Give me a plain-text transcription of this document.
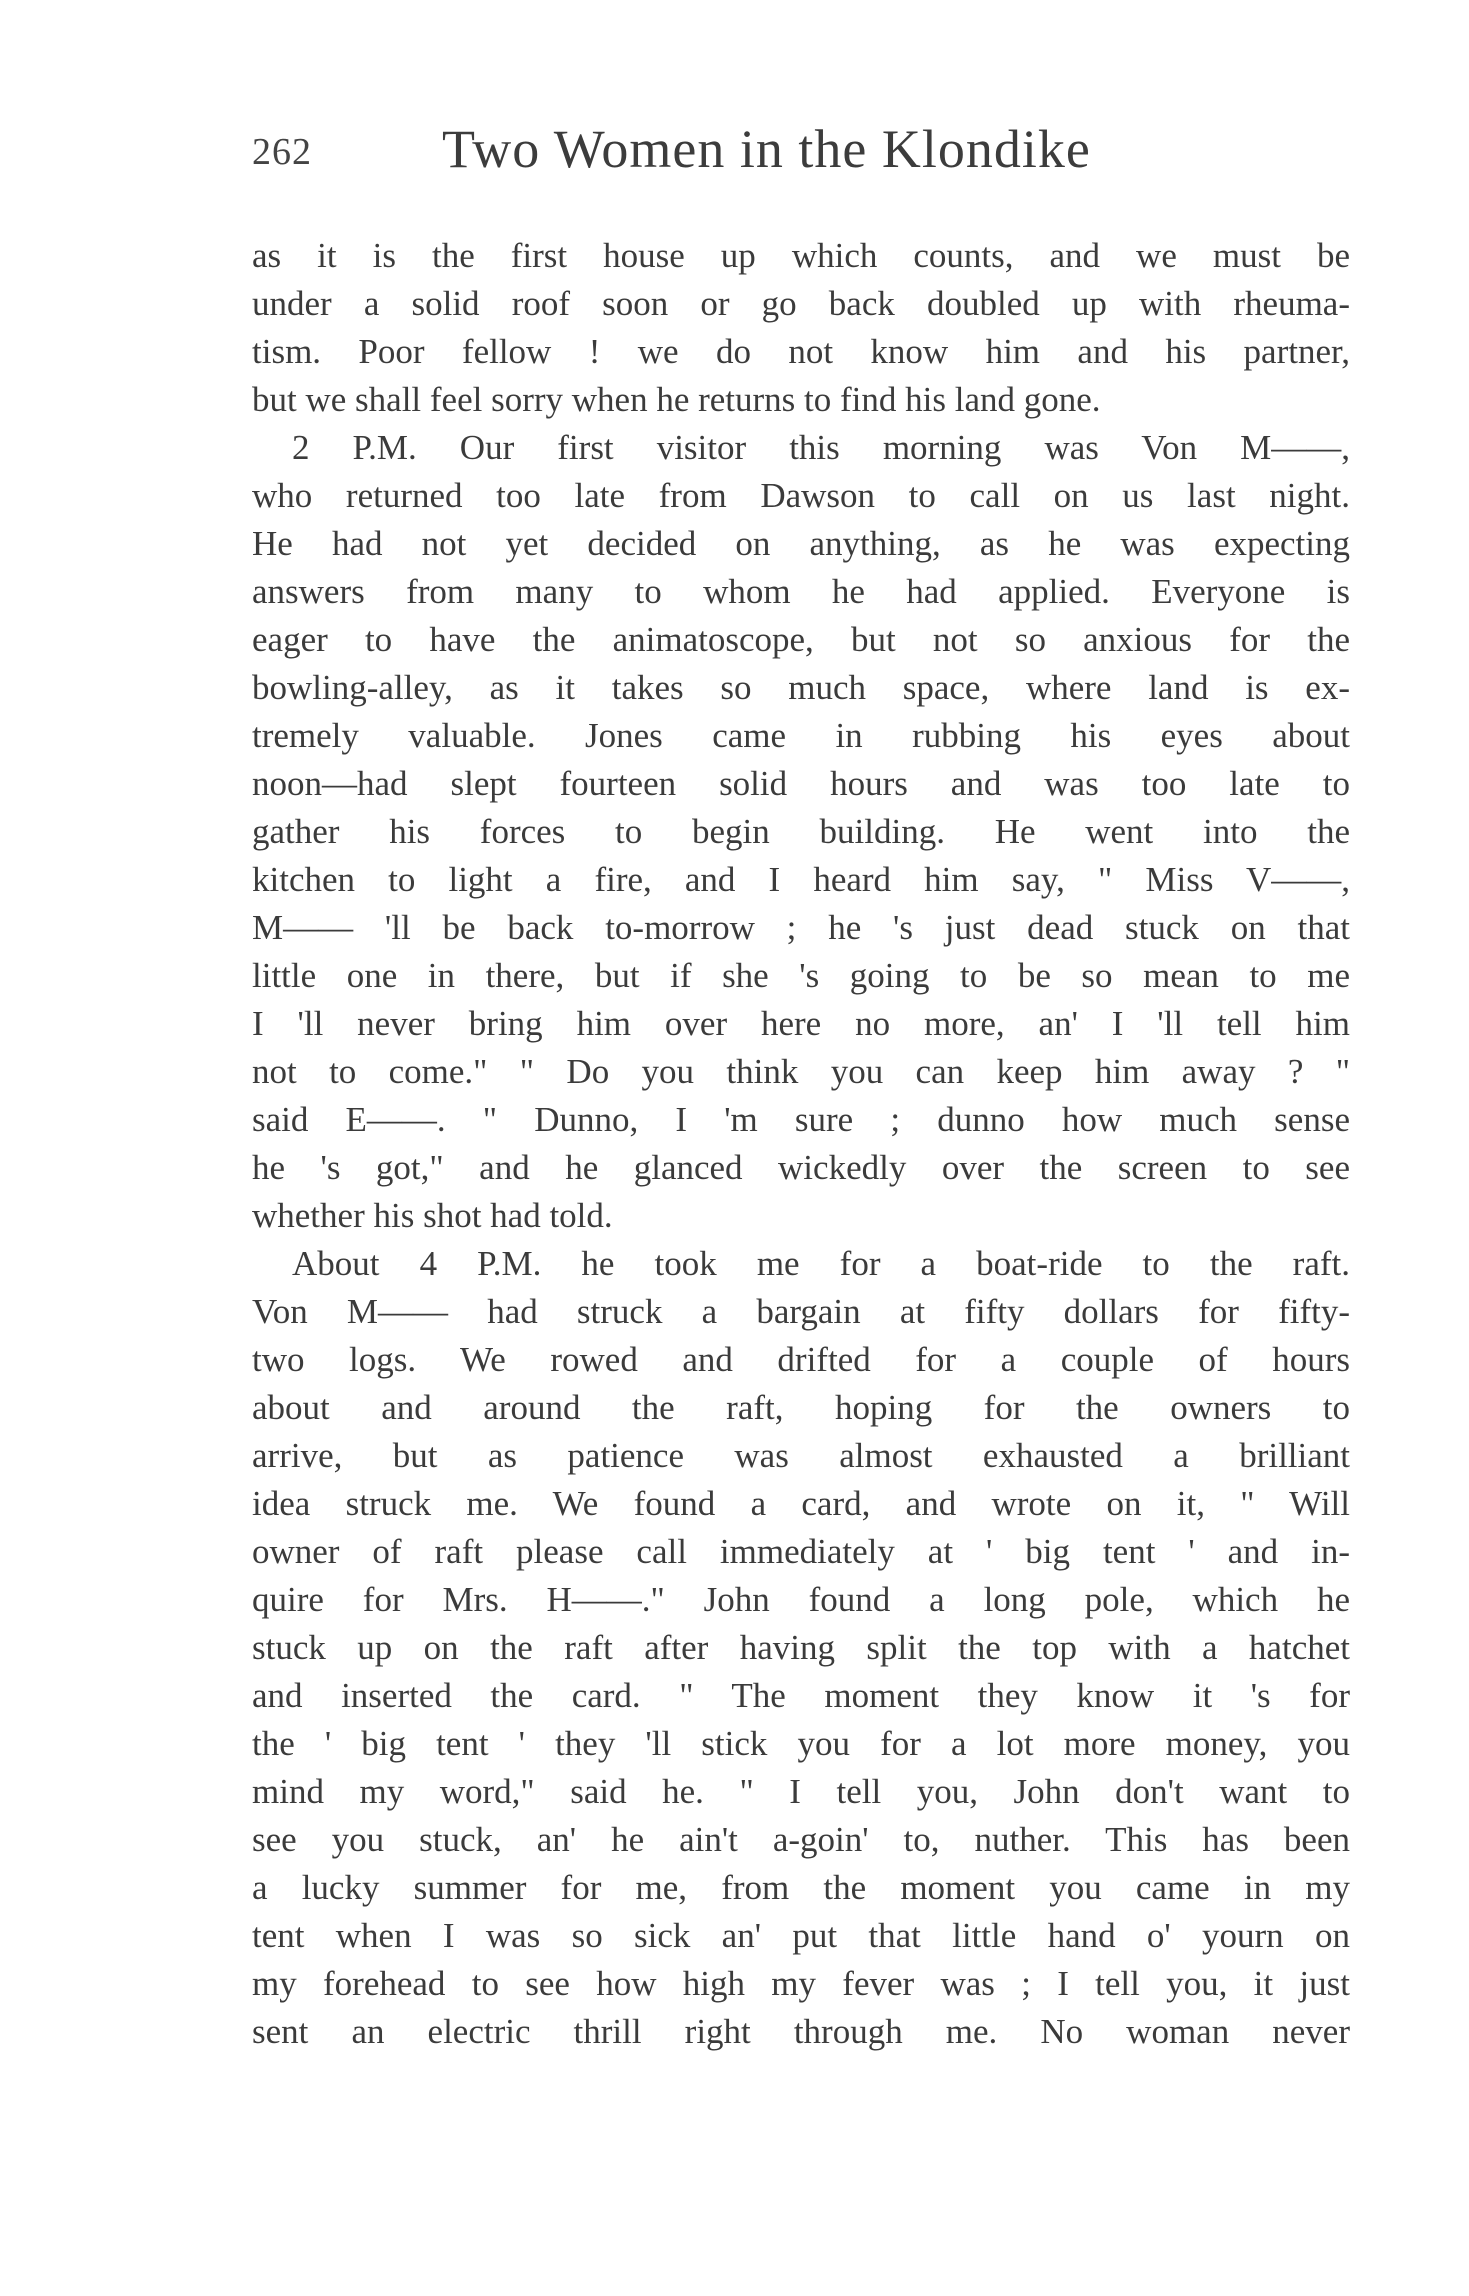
262 Two Women in the Klondike
as it is the first house up which counts, and we must be
under a solid roof soon or go back doubled up with rheuma-
tism. Poor fellow ! we do not know him and his partner,
but we shall feel sorry when he returns to find his land gone.
2 P.M. Our first visitor this morning was Von M——,
who returned too late from Dawson to call on us last night.
He had not yet decided on anything, as he was expecting
answers from many to whom he had applied. Everyone is
eager to have the animatoscope, but not so anxious for the
bowling-alley, as it takes so much space, where land is ex-
tremely valuable. Jones came in rubbing his eyes about
noon—had slept fourteen solid hours and was too late to
gather his forces to begin building. He went into the
kitchen to light a fire, and I heard him say, " Miss V——,
M—— 'll be back to-morrow ; he 's just dead stuck on that
little one in there, but if she 's going to be so mean to me
I 'll never bring him over here no more, an' I 'll tell him
not to come." " Do you think you can keep him away ? "
said E——. " Dunno, I 'm sure ; dunno how much sense
he 's got," and he glanced wickedly over the screen to see
whether his shot had told.
About 4 P.M. he took me for a boat-ride to the raft.
Von M—— had struck a bargain at fifty dollars for fifty-
two logs. We rowed and drifted for a couple of hours
about and around the raft, hoping for the owners to
arrive, but as patience was almost exhausted a brilliant
idea struck me. We found a card, and wrote on it, " Will
owner of raft please call immediately at ' big tent ' and in-
quire for Mrs. H——." John found a long pole, which he
stuck up on the raft after having split the top with a hatchet
and inserted the card. " The moment they know it 's for
the ' big tent ' they 'll stick you for a lot more money, you
mind my word," said he. " I tell you, John don't want to
see you stuck, an' he ain't a-goin' to, nuther. This has been
a lucky summer for me, from the moment you came in my
tent when I was so sick an' put that little hand o' yourn on
my forehead to see how high my fever was ; I tell you, it just
sent an electric thrill right through me. No woman never
